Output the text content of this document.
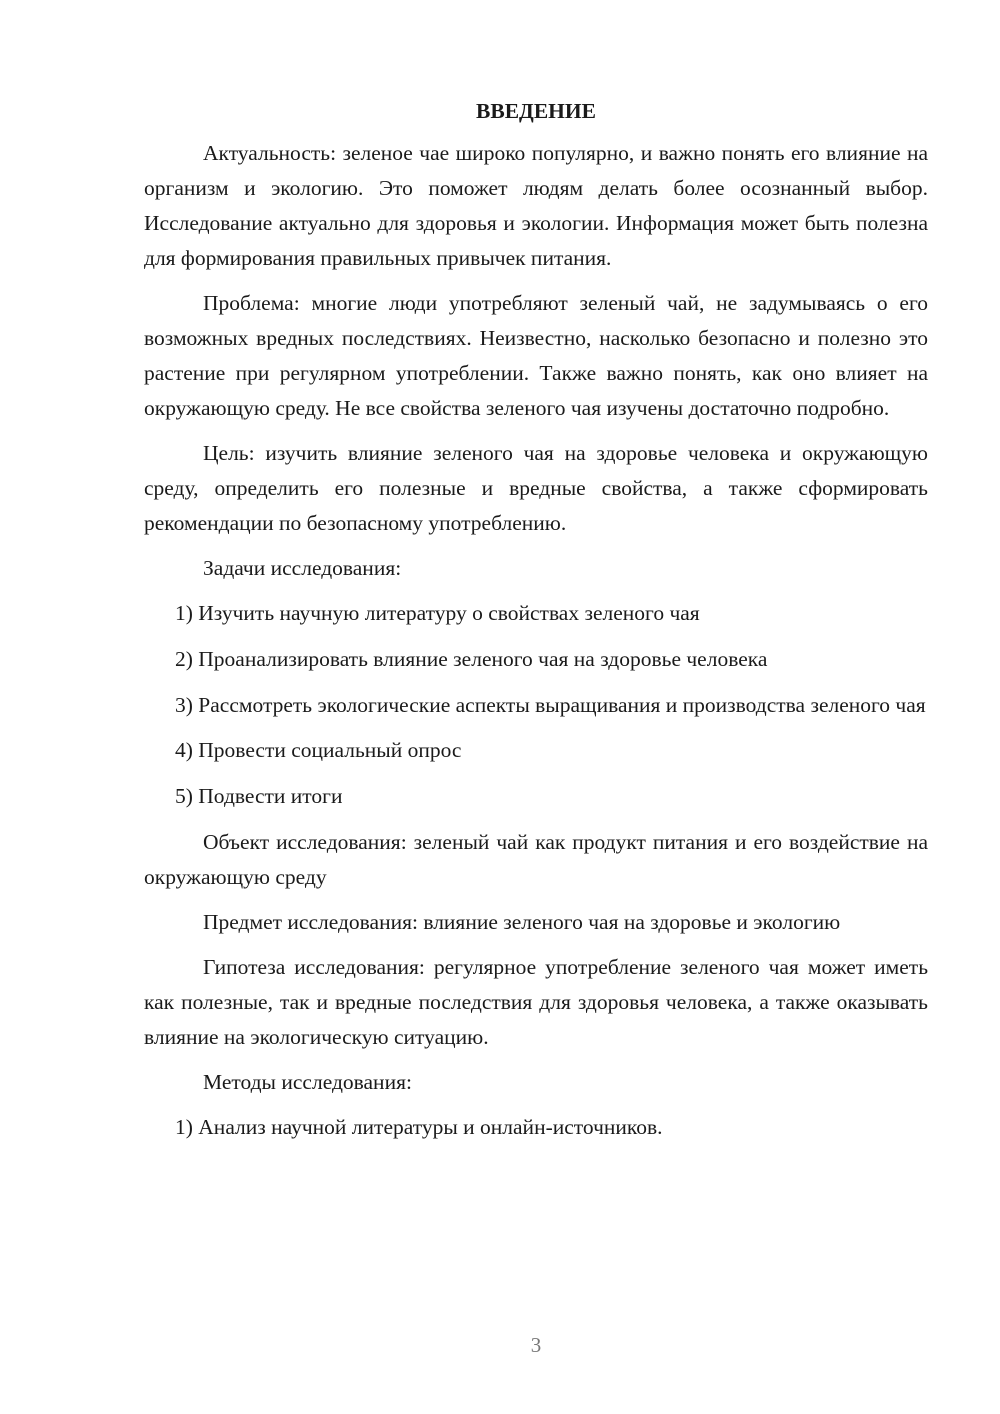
ВВЕДЕНИЕ

Актуальность: зеленое чае широко популярно, и важно понять его влияние на организм и экологию. Это поможет людям делать более осознанный выбор. Исследование актуально для здоровья и экологии. Информация может быть полезна для формирования правильных привычек питания.

Проблема: многие люди употребляют зеленый чай, не задумываясь о его возможных вредных последствиях. Неизвестно, насколько безопасно и полезно это растение при регулярном употреблении. Также важно понять, как оно влияет на окружающую среду. Не все свойства зеленого чая изучены достаточно подробно.

Цель: изучить влияние зеленого чая на здоровье человека и окружающую среду, определить его полезные и вредные свойства, а также сформировать рекомендации по безопасному употреблению.

Задачи исследования:

1) Изучить научную литературу о свойствах зеленого чая

2) Проанализировать влияние зеленого чая на здоровье человека

3) Рассмотреть экологические аспекты выращивания и производства зеленого чая

4) Провести социальный опрос

5) Подвести итоги

Объект исследования: зеленый чай как продукт питания и его воздействие на окружающую среду

Предмет исследования: влияние зеленого чая на здоровье и экологию

Гипотеза исследования: регулярное употребление зеленого чая может иметь как полезные, так и вредные последствия для здоровья человека, а также оказывать влияние на экологическую ситуацию.

Методы исследования:

1) Анализ научной литературы и онлайн-источников.

3
